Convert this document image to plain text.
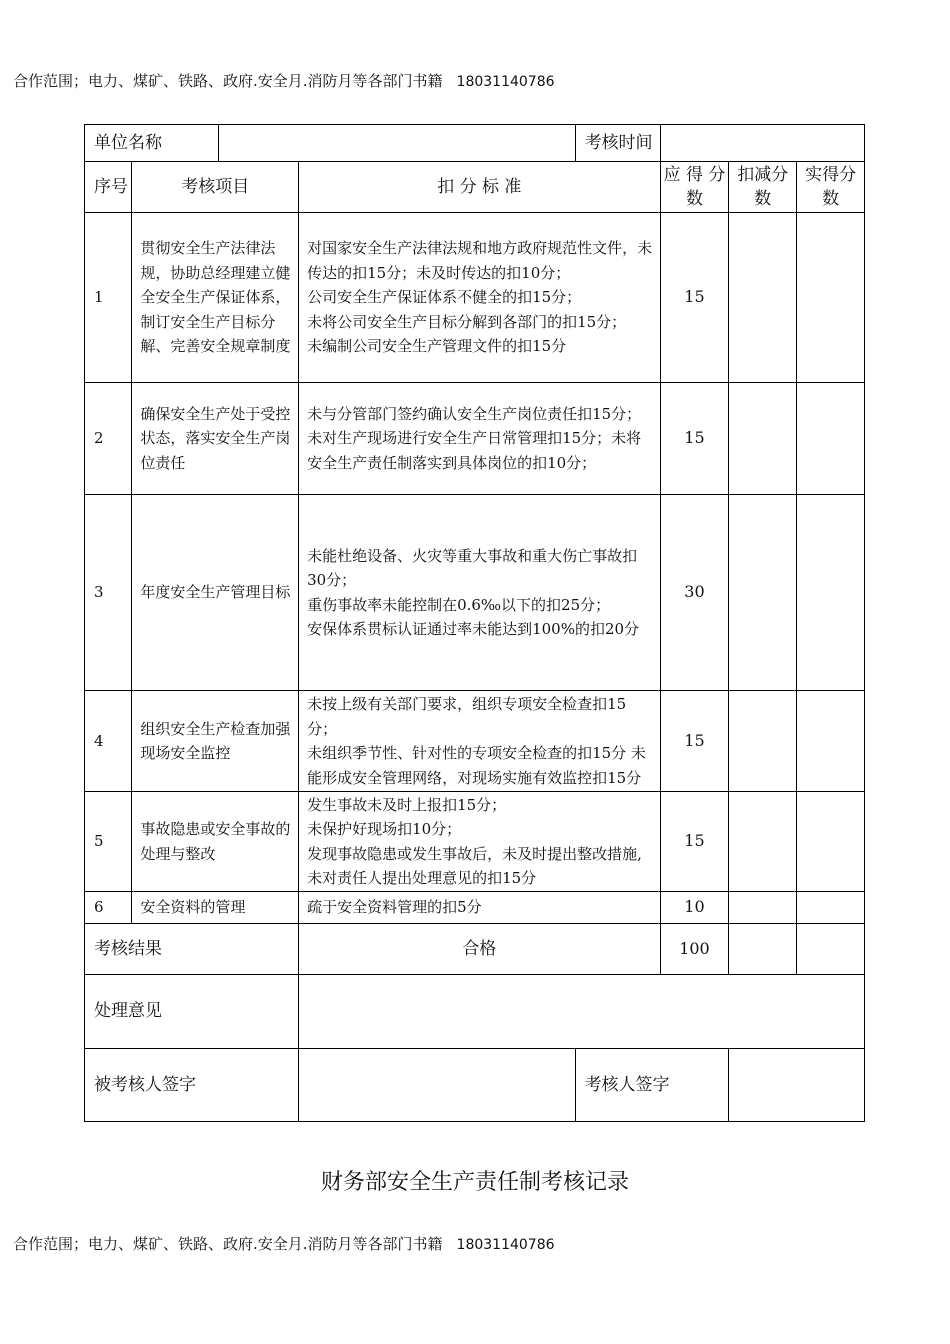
合作范围；电力、煤矿、铁路、政府.安全月.消防月等各部门书籍 18031140786
单位名称				考核时间			
序号	考核项目		扣 分 标 准		应 得 分数	扣减分数	实得分数
1	贯彻安全生产法律法规，协助总经理建立健全安全生产保证体系，制订安全生产目标分解、完善安全规章制度		对国家安全生产法律法规和地方政府规范性文件，未传达的扣15分；未及时传达的扣10分；
公司安全生产保证体系不健全的扣15分；
未将公司安全生产目标分解到各部门的扣15分；
未编制公司安全生产管理文件的扣15分		15		
2	确保安全生产处于受控状态，落实安全生产岗位责任		未与分管部门签约确认安全生产岗位责任扣15分；未对生产现场进行安全生产日常管理扣15分；未将安全生产责任制落实到具体岗位的扣10分；		15		
3	年度安全生产管理目标		未能杜绝设备、火灾等重大事故和重大伤亡事故扣30分；
重伤事故率未能控制在0.6‰以下的扣25分；
安保体系贯标认证通过率未能达到100%的扣20分		30		
4	组织安全生产检查加强现场安全监控		未按上级有关部门要求，组织专项安全检查扣15分；
未组织季节性、针对性的专项安全检查的扣15分 未能形成安全管理网络，对现场实施有效监控扣15分		15		
5	事故隐患或安全事故的处理与整改		发生事故未及时上报扣15分；
未保护好现场扣10分；
发现事故隐患或发生事故后，未及时提出整改措施,未对责任人提出处理意见的扣15分		15		
6	安全资料的管理		疏于安全资料管理的扣5分		10		
考核结果			合格		100		
处理意见							
被考核人签字				考核人签字			
财务部安全生产责任制考核记录
合作范围；电力、煤矿、铁路、政府.安全月.消防月等各部门书籍 18031140786
